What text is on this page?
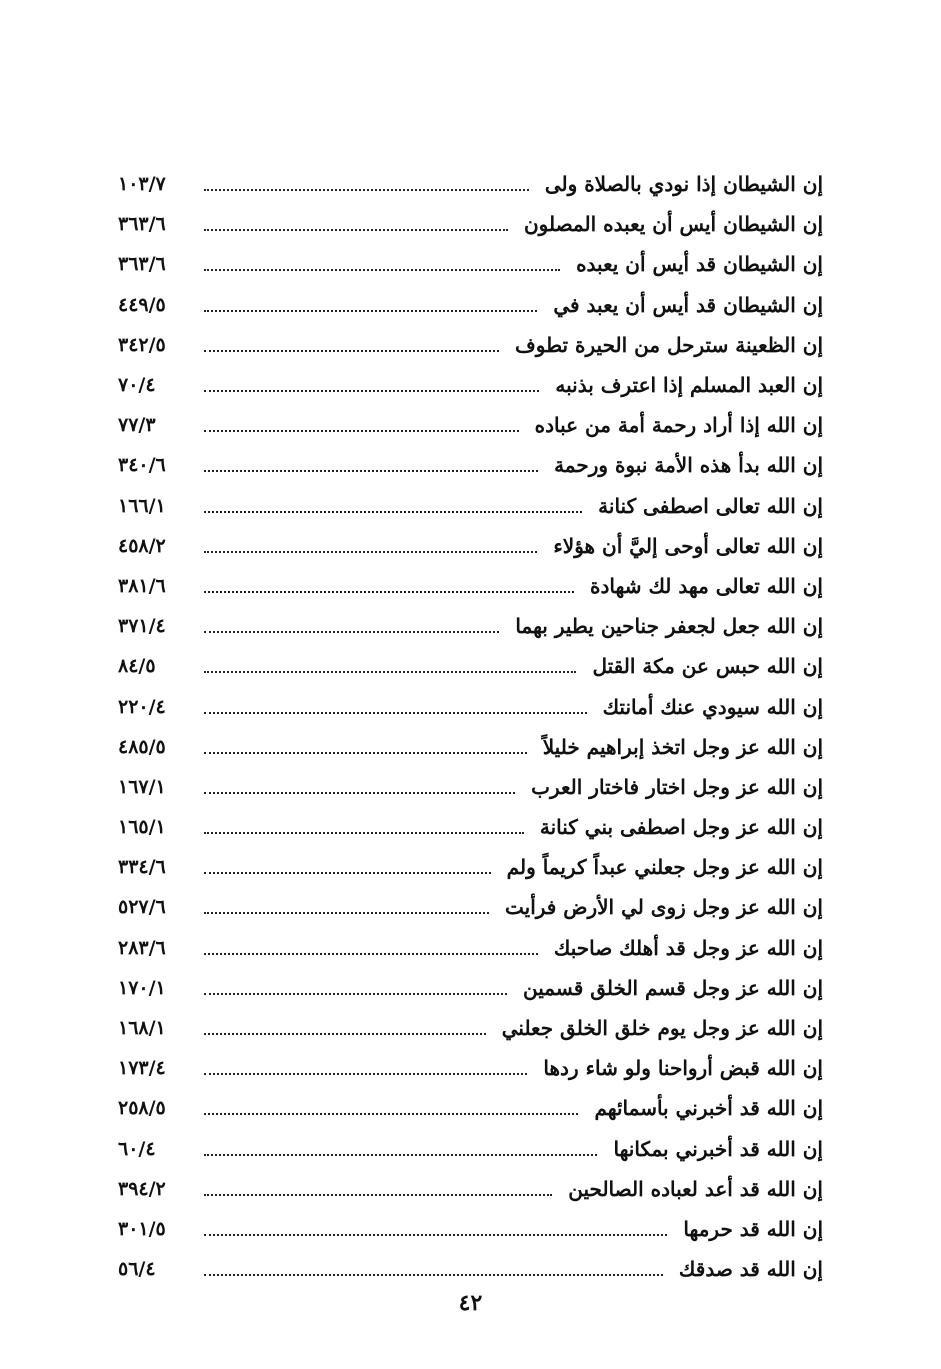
إن الشيطان إذا نودي بالصلاة ولى
١٠٣/٧
إن الشيطان أيس أن يعبده المصلون
٣٦٣/٦
إن الشيطان قد أيس أن يعبده
٣٦٣/٦
إن الشيطان قد أيس أن يعبد في
٤٤٩/٥
إن الظعينة سترحل من الحيرة تطوف
٣٤٢/٥
إن العبد المسلم إذا اعترف بذنبه
٧٠/٤
إن الله إذا أراد رحمة أمة من عباده
٧٧/٣
إن الله بدأ هذه الأمة نبوة ورحمة
٣٤٠/٦
إن الله تعالى اصطفى كنانة
١٦٦/١
إن الله تعالى أوحى إليَّ أن هؤلاء
٤٥٨/٢
إن الله تعالى مهد لك شهادة
٣٨١/٦
إن الله جعل لجعفر جناحين يطير بهما
٣٧١/٤
إن الله حبس عن مكة القتل
٨٤/٥
إن الله سيودي عنك أمانتك
٢٢٠/٤
إن الله عز وجل اتخذ إبراهيم خليلاً
٤٨٥/٥
إن الله عز وجل اختار فاختار العرب
١٦٧/١
إن الله عز وجل اصطفى بني كنانة
١٦٥/١
إن الله عز وجل جعلني عبداً كريماً ولم
٣٣٤/٦
إن الله عز وجل زوى لي الأرض فرأيت
٥٢٧/٦
إن الله عز وجل قد أهلك صاحبك
٢٨٣/٦
إن الله عز وجل قسم الخلق قسمين
١٧٠/١
إن الله عز وجل يوم خلق الخلق جعلني
١٦٨/١
إن الله قبض أرواحنا ولو شاء ردها
١٧٣/٤
إن الله قد أخبرني بأسمائهم
٢٥٨/٥
إن الله قد أخبرني بمكانها
٦٠/٤
إن الله قد أعد لعباده الصالحين
٣٩٤/٢
إن الله قد حرمها
٣٠١/٥
إن الله قد صدقك
٥٦/٤
٤٢
